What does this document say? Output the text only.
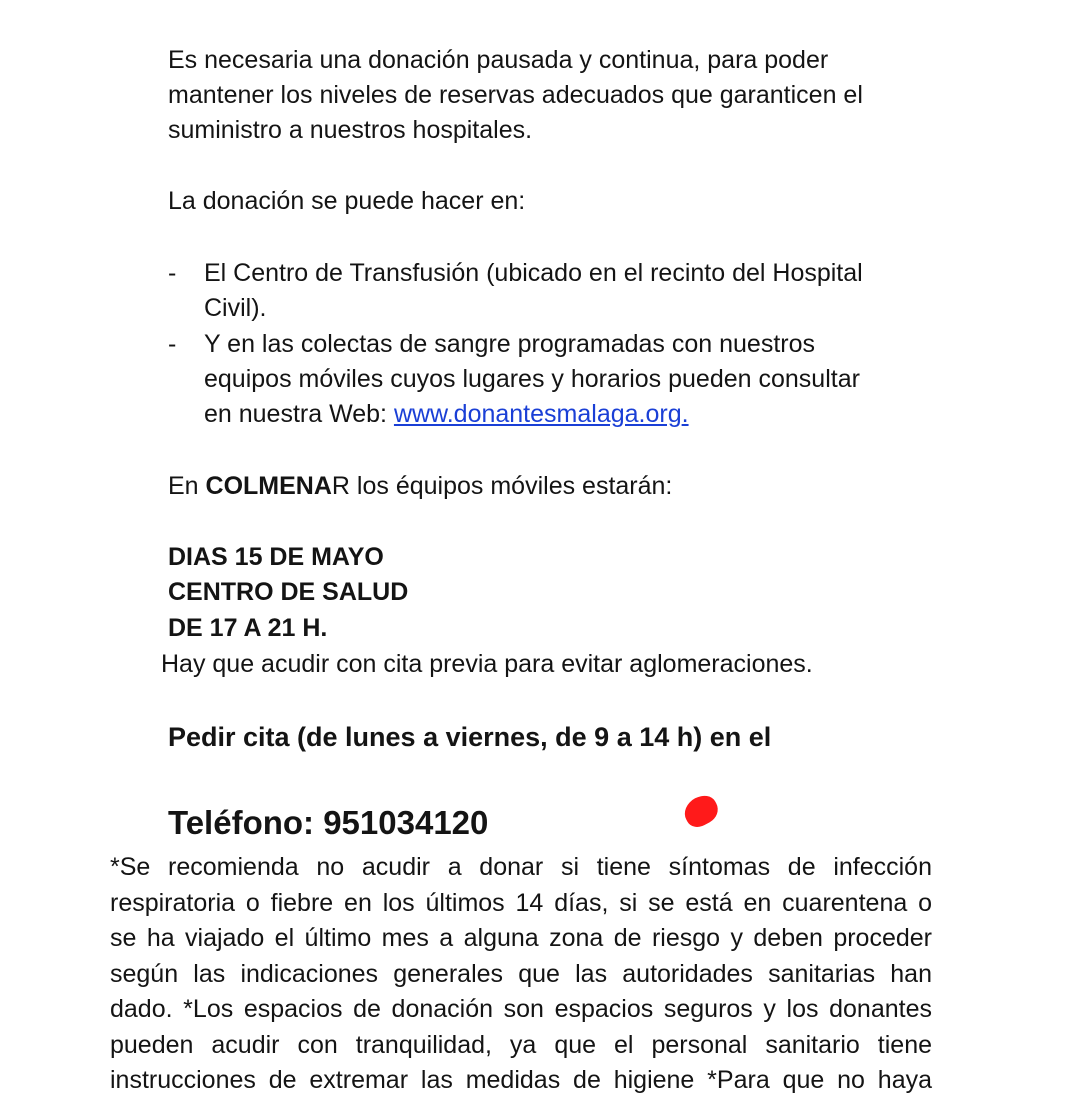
Es necesaria una donación pausada y continua, para poder
mantener los niveles de reservas adecuados que garanticen el
suministro a nuestros hospitales.
La donación se puede hacer en:
- El Centro de Transfusión (ubicado en el recinto del Hospital
Civil).
- Y en las colectas de sangre programadas con nuestros
equipos móviles cuyos lugares y horarios pueden consultar
en nuestra Web: www.donantesmalaga.org.
En COLMENAR los équipos móviles estarán:
DIAS 15 DE MAYO
CENTRO DE SALUD
DE 17 A 21 H.
Hay que acudir con cita previa para evitar aglomeraciones.
Pedir cita (de lunes a viernes, de 9 a 14 h) en el
Teléfono: 951034120
*Se recomienda no acudir a donar si tiene síntomas de infección
respiratoria o fiebre en los últimos 14 días, si se está en cuarentena o
se ha viajado el último mes a alguna zona de riesgo y deben proceder
según las indicaciones generales que las autoridades sanitarias han
dado. *Los espacios de donación son espacios seguros y los donantes
pueden acudir con tranquilidad, ya que el personal sanitario tiene
instrucciones de extremar las medidas de higiene *Para que no haya
